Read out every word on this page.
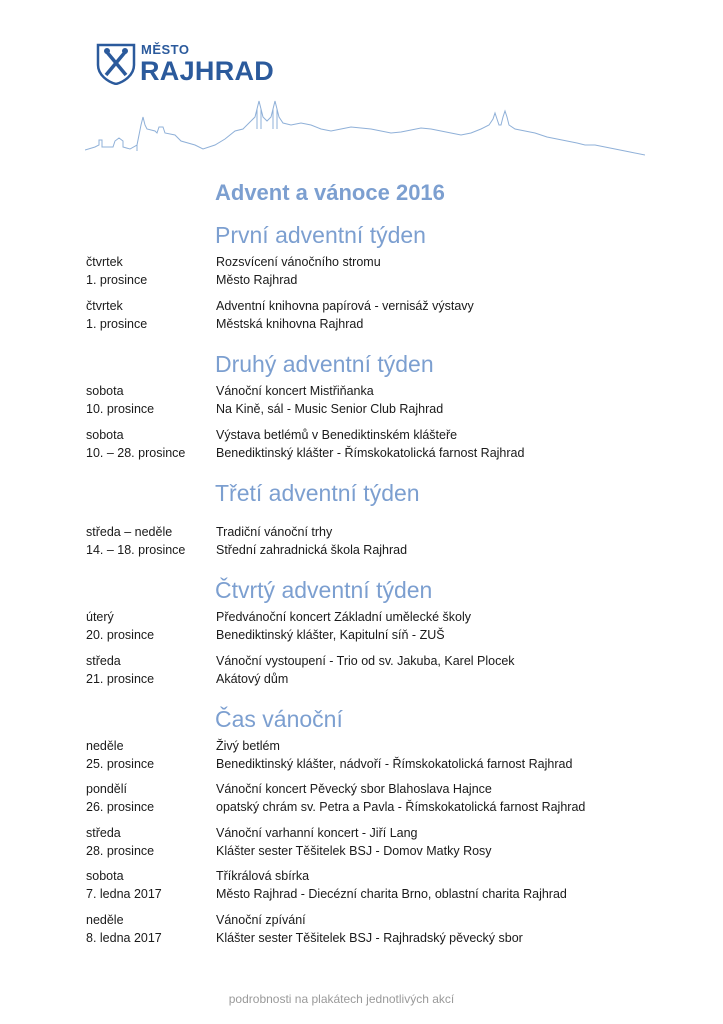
MĚSTO
RAJHRAD
Advent a vánoce 2016
První adventní týden
čtvrtek
1. prosince
Rozsvícení vánočního stromu
Město Rajhrad
čtvrtek
1. prosince
Adventní knihovna papírová - vernisáž výstavy
Městská knihovna Rajhrad
Druhý adventní týden
sobota
10. prosince
Vánoční koncert Mistřiňanka
Na Kině, sál - Music Senior Club Rajhrad
sobota
10. – 28. prosince
Výstava betlémů v Benediktinském klášteře
Benediktinský klášter - Římskokatolická farnost Rajhrad
Třetí adventní týden
středa – neděle
14. – 18. prosince
Tradiční vánoční trhy
Střední zahradnická škola Rajhrad
Čtvrtý adventní týden
úterý
20. prosince
Předvánoční koncert Základní umělecké školy
Benediktinský klášter, Kapitulní síň - ZUŠ
středa
21. prosince
Vánoční vystoupení - Trio od sv. Jakuba, Karel Plocek
Akátový dům
Čas vánoční
neděle
25. prosince
Živý betlém
Benediktinský klášter, nádvoří - Římskokatolická farnost Rajhrad
pondělí
26. prosince
Vánoční koncert Pěvecký sbor Blahoslava Hajnce
opatský chrám sv. Petra a Pavla - Římskokatolická farnost Rajhrad
středa
28. prosince
Vánoční varhanní koncert - Jiří Lang
Klášter sester Těšitelek BSJ - Domov Matky Rosy
sobota
7. ledna 2017
Tříkrálová sbírka
Město Rajhrad - Diecézní charita Brno, oblastní charita Rajhrad
neděle
8. ledna 2017
Vánoční zpívání
Klášter sester Těšitelek BSJ - Rajhradský pěvecký sbor
podrobnosti na plakátech jednotlivých akcí
